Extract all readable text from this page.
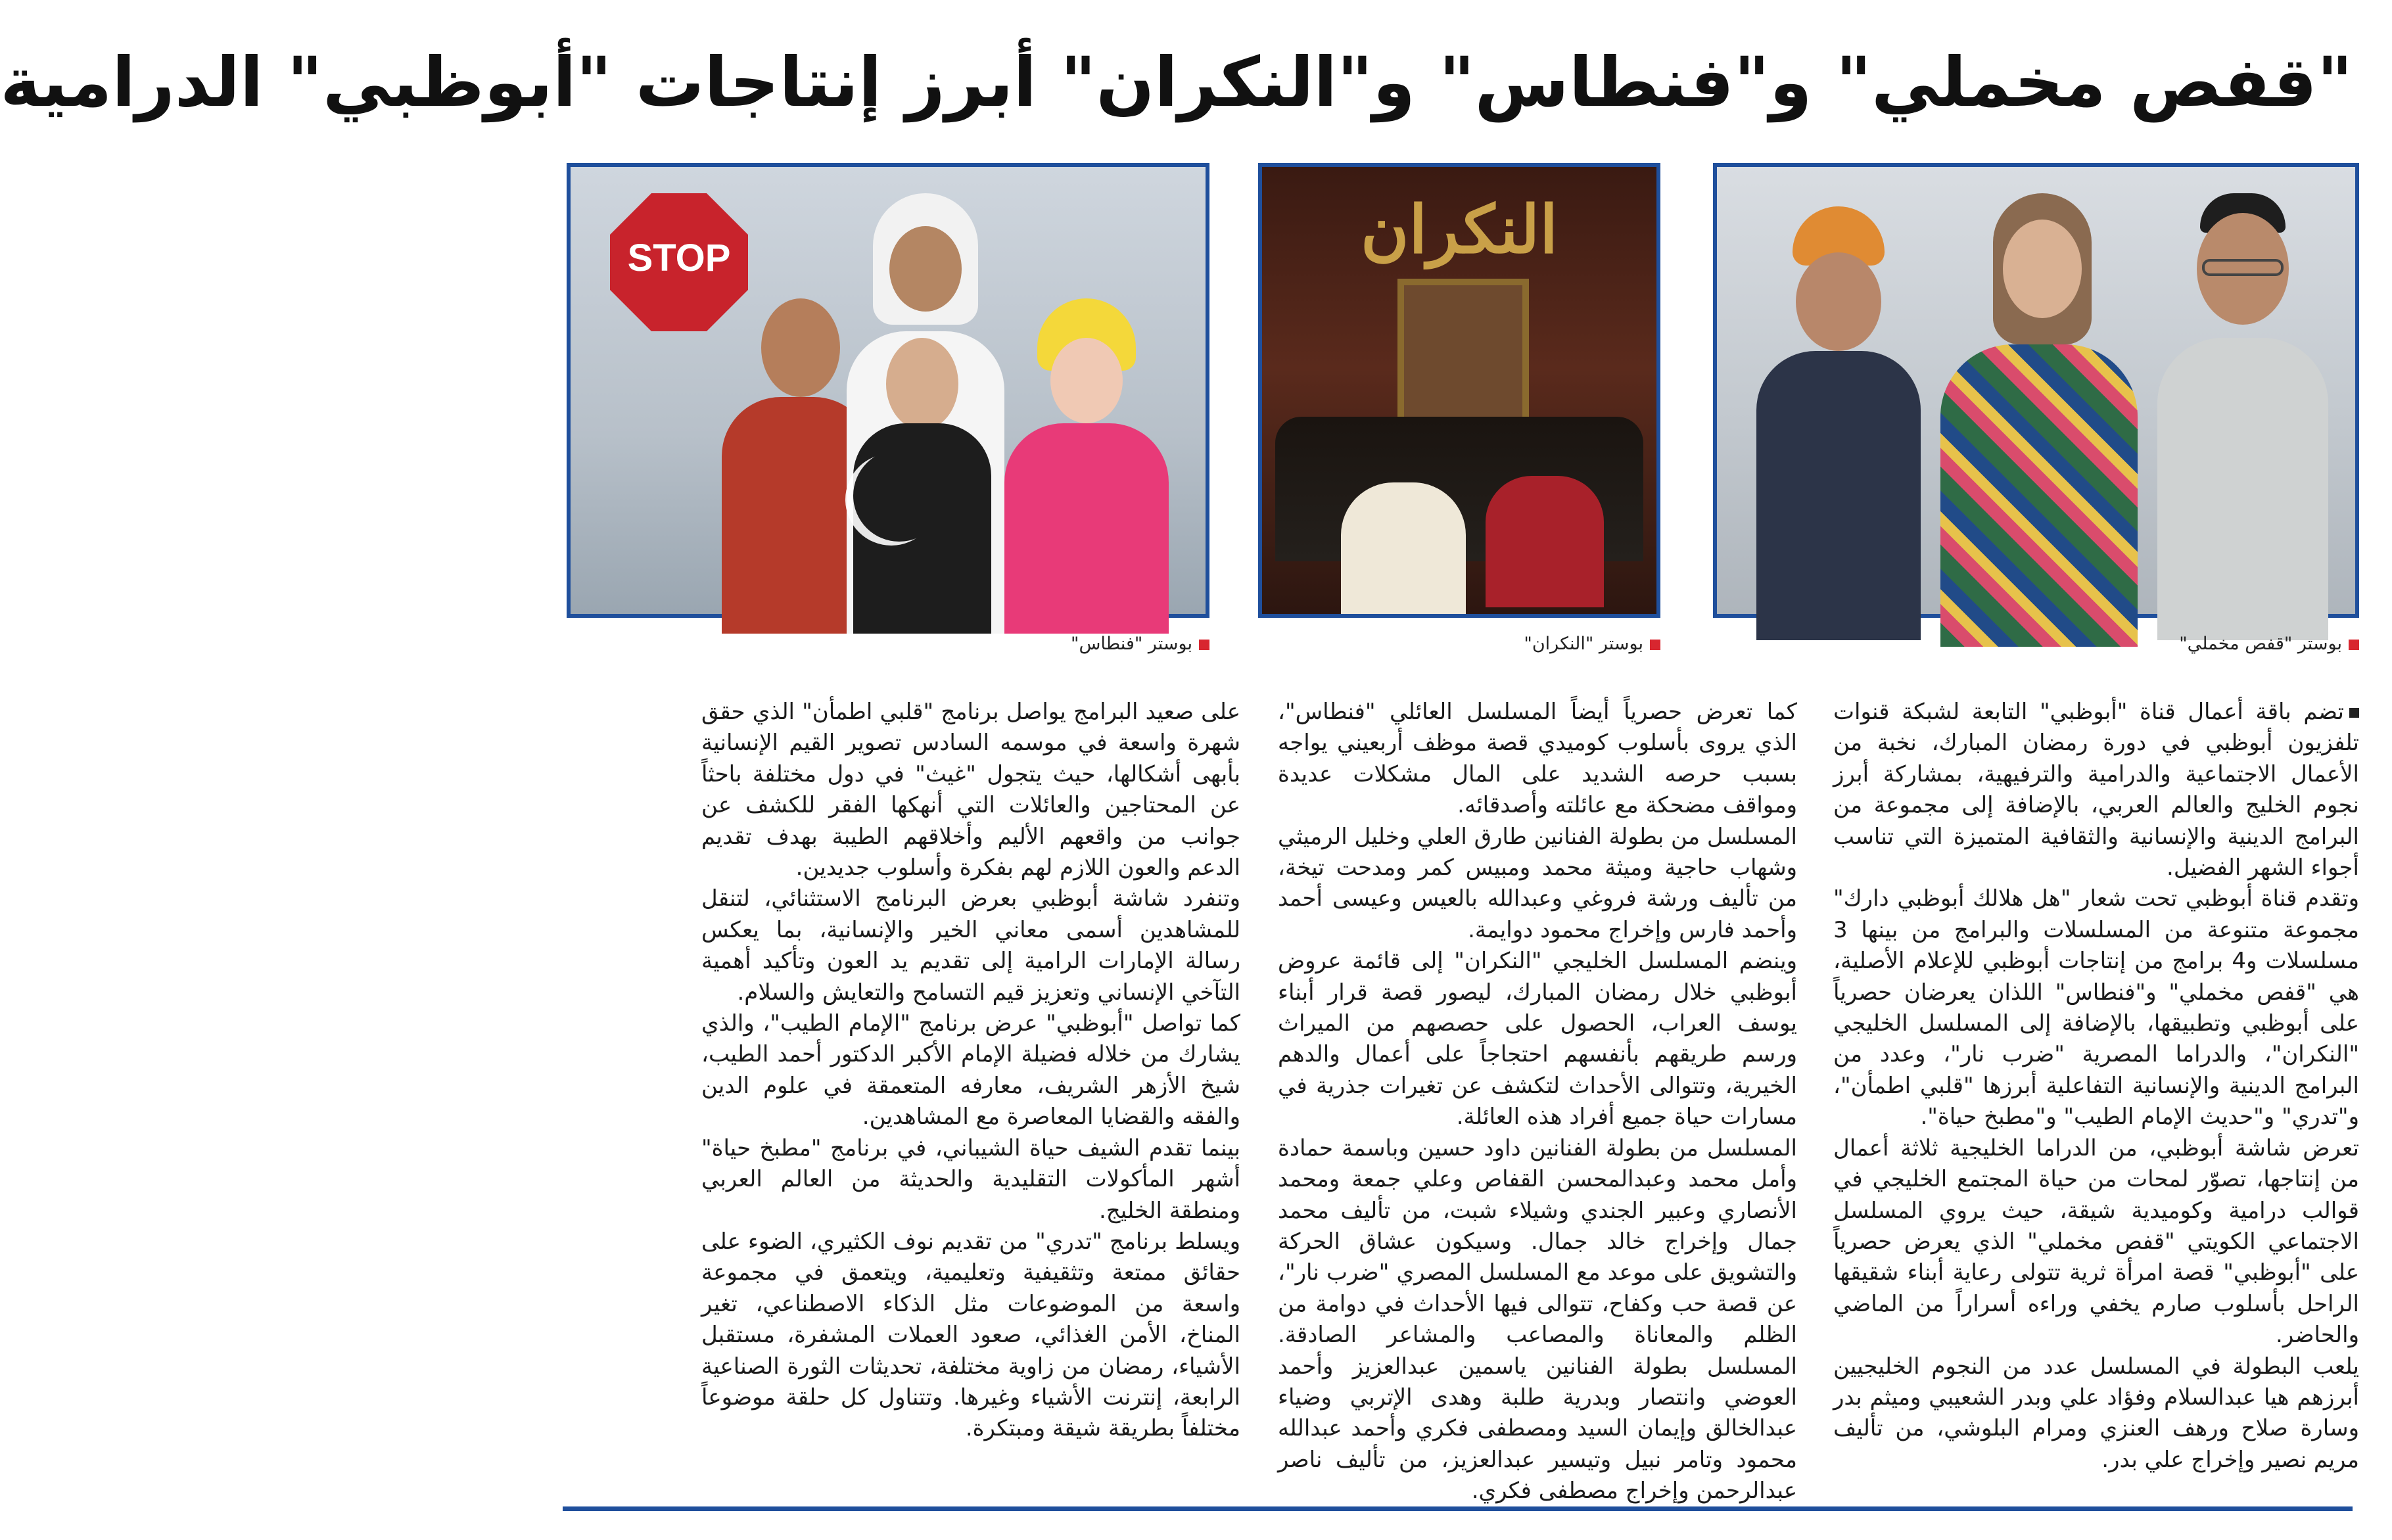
"قفص مخملي" و"فنطاس" و"النكران" أبرز إنتاجات "أبوظبي" الدرامية
بوستر "قفص مخملي"
النكران
بوستر "النكران"
STOP
بوستر "فنطاس"

تضم باقة أعمال قناة "أبوظبي" التابعة لشبكة قنوات تلفزيون أبوظبي في دورة رمضان المبارك، نخبة من الأعمال الاجتماعية والدرامية والترفيهية، بمشاركة أبرز نجوم الخليج والعالم العربي، بالإضافة إلى مجموعة من البرامج الدينية والإنسانية والثقافية المتميزة التي تناسب أجواء الشهر الفضيل.

وتقدم قناة أبوظبي تحت شعار "هل هلالك أبوظبي دارك" مجموعة متنوعة من المسلسلات والبرامج من بينها 3 مسلسلات و4 برامج من إنتاجات أبوظبي للإعلام الأصلية، هي "قفص مخملي" و"فنطاس" اللذان يعرضان حصرياً على أبوظبي وتطبيقها، بالإضافة إلى المسلسل الخليجي "النكران"، والدراما المصرية "ضرب نار"، وعدد من البرامج الدينية والإنسانية التفاعلية أبرزها "قلبي اطمأن"، و"تدري" و"حديث الإمام الطيب" و"مطبخ حياة".

تعرض شاشة أبوظبي، من الدراما الخليجية ثلاثة أعمال من إنتاجها، تصوّر لمحات من حياة المجتمع الخليجي في قوالب درامية وكوميدية شيقة، حيث يروي المسلسل الاجتماعي الكويتي "قفص مخملي" الذي يعرض حصرياً على "أبوظبي" قصة امرأة ثرية تتولى رعاية أبناء شقيقها الراحل بأسلوب صارم يخفي وراءه أسراراً من الماضي والحاضر.

يلعب البطولة في المسلسل عدد من النجوم الخليجيين أبرزهم هيا عبدالسلام وفؤاد علي وبدر الشعيبي وميثم بدر وسارة صلاح ورهف العنزي ومرام البلوشي، من تأليف مريم نصير وإخراج علي بدر.

كما تعرض حصرياً أيضاً المسلسل العائلي "فنطاس"، الذي يروى بأسلوب كوميدي قصة موظف أربعيني يواجه بسبب حرصه الشديد على المال مشكلات عديدة ومواقف مضحكة مع عائلته وأصدقائه.

المسلسل من بطولة الفنانين طارق العلي وخليل الرميثي وشهاب حاجية وميثة محمد ومبيس كمر ومدحت تيخة، من تأليف ورشة فروغي وعبدالله بالعيس وعيسى أحمد وأحمد فارس وإخراج محمود دوايمة.

وينضم المسلسل الخليجي "النكران" إلى قائمة عروض أبوظبي خلال رمضان المبارك، ليصور قصة قرار أبناء يوسف العراب، الحصول على حصصهم من الميراث ورسم طريقهم بأنفسهم احتجاجاً على أعمال والدهم الخيرية، وتتوالى الأحداث لتكشف عن تغيرات جذرية في مسارات حياة جميع أفراد هذه العائلة.

المسلسل من بطولة الفنانين داود حسين وباسمة حمادة وأمل محمد وعبدالمحسن القفاص وعلي جمعة ومحمد الأنصاري وعبير الجندي وشيلاء شبت، من تأليف محمد جمال وإخراج خالد جمال. وسيكون عشاق الحركة والتشويق على موعد مع المسلسل المصري "ضرب نار"، عن قصة حب وكفاح، تتوالى فيها الأحداث في دوامة من الظلم والمعاناة والمصاعب والمشاعر الصادقة. المسلسل بطولة الفنانين ياسمين عبدالعزيز وأحمد العوضي وانتصار وبدرية طلبة وهدى الإتربي وضياء عبدالخالق وإيمان السيد ومصطفى فكري وأحمد عبدالله محمود وتامر نبيل وتيسير عبدالعزيز، من تأليف ناصر عبدالرحمن وإخراج مصطفى فكري.

على صعيد البرامج يواصل برنامج "قلبي اطمأن" الذي حقق شهرة واسعة في موسمه السادس تصوير القيم الإنسانية بأبهى أشكالها، حيث يتجول "غيث" في دول مختلفة باحثاً عن المحتاجين والعائلات التي أنهكها الفقر للكشف عن جوانب من واقعهم الأليم وأخلاقهم الطيبة بهدف تقديم الدعم والعون اللازم لهم بفكرة وأسلوب جديدين.

وتنفرد شاشة أبوظبي بعرض البرنامج الاستثنائي، لتنقل للمشاهدين أسمى معاني الخير والإنسانية، بما يعكس رسالة الإمارات الرامية إلى تقديم يد العون وتأكيد أهمية التآخي الإنساني وتعزيز قيم التسامح والتعايش والسلام.

كما تواصل "أبوظبي" عرض برنامج "الإمام الطيب"، والذي يشارك من خلاله فضيلة الإمام الأكبر الدكتور أحمد الطيب، شيخ الأزهر الشريف، معارفه المتعمقة في علوم الدين والفقه والقضايا المعاصرة مع المشاهدين.

بينما تقدم الشيف حياة الشيباني، في برنامج "مطبخ حياة" أشهر المأكولات التقليدية والحديثة من العالم العربي ومنطقة الخليج.

ويسلط برنامج "تدري" من تقديم نوف الكثيري، الضوء على حقائق ممتعة وتثقيفية وتعليمية، ويتعمق في مجموعة واسعة من الموضوعات مثل الذكاء الاصطناعي، تغير المناخ، الأمن الغذائي، صعود العملات المشفرة، مستقبل الأشياء، رمضان من زاوية مختلفة، تحديثات الثورة الصناعية الرابعة، إنترنت الأشياء وغيرها. وتتناول كل حلقة موضوعاً مختلفاً بطريقة شيقة ومبتكرة.
